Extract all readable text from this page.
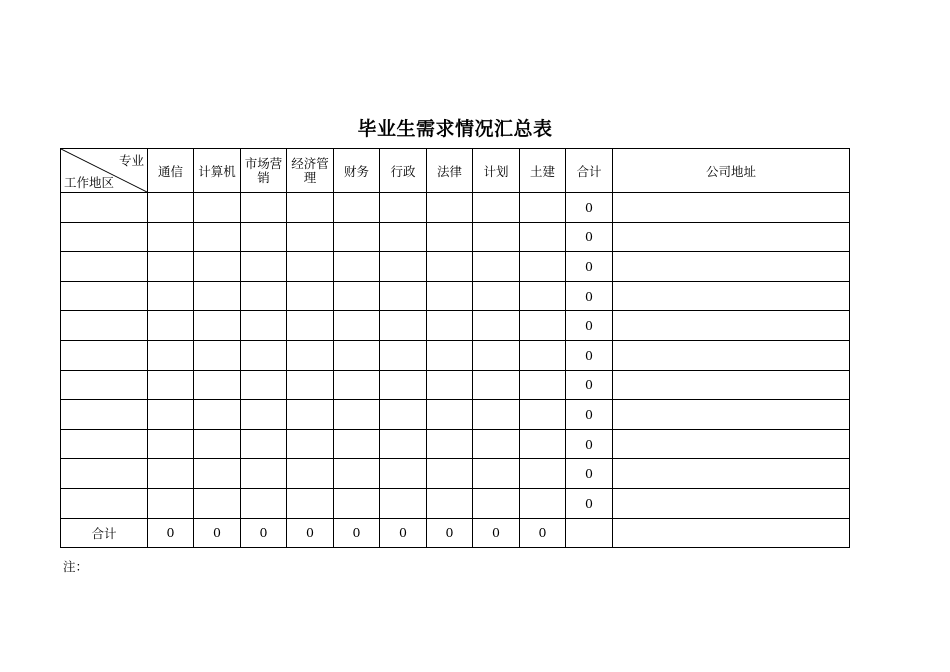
毕业生需求情况汇总表
专业
工作地区	通信	计算机	市场营销	经济管理	财务	行政	法律	计划	土建	合计	公司地址
										0	
										0	
										0	
										0	
										0	
										0	
										0	
										0	
										0	
										0	
										0	
合计	0	0	0	0	0	0	0	0	0		
注：
